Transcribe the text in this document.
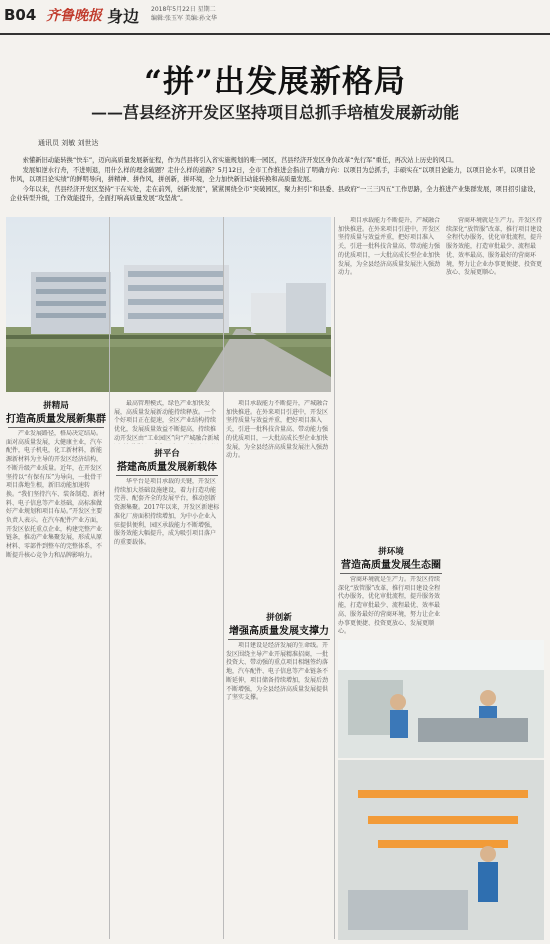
B04 齐鲁晚报 身边 2018年5月22日 星期二
编辑:张玉军 美编:孙文华
“拼”出发展新格局
——莒县经济开发区坚持项目总抓手培植发展新动能
通讯员 刘敏 刘世达

索懂新旧动能转换“快车”，迈向高质量发展新征程，作为莒县将引入省实施规划的唯一园区，莒县经济开发区身负改革“先行军”重任，再次站上历史的风口。

发展如逆水行舟，不进则退，用什么样的理念破题？走什么样的道路？5月12日，全市工作推进会指出了明确方向：以项目为总抓手，丰硕实在“以项目论能力，以项目论水平，以项目论作风，以项目论实绩”的鲜明导向，拼精神、拼作风，拼创新，拼环境，全力加快新旧动能转换和高质量发展。

今年以来，莒县经济开发区坚持“干在实处，走在前列，创新发展”，紧紧围绕全市“突破园区，聚力担引”和县委、县政府“一三三四五”工作思路，全力推进产业集群发展，项目招引建设，企业转型升级，工作效能提升，全面打响高质量发展“攻坚战”。

拼精局
打造高质量发展新集群
拼平台
搭建高质量发展新载体
拼创新
增强高质量发展支撑力
拼环境
营造高质量发展生态圈

产业发展路径，格局决定结局。面对高质量发展，大健康主业，汽车配件，电子机电，化工新材料，新能源新材料为主导的开发区经济结构，不断升级产业质量。近年，在开发区坚持以“有保有压”为导向，一批骨干项目落地生根，新旧动能加速转换。“我们坚持汽车、装备制造、新材料、电子信息等产业基础，高标准做好产业规划和项目布局。”开发区主要负责人表示。在汽车配件产业方面，开发区依托重点企业，构建完整产业链条，推动产业集聚发展，形成从原材料、零部件到整车的完整体系，不断提升核心竞争力和品牌影响力。

最高管理模式，绿色产业加快发展，高质量发展新动能持续释放。一个个好项目正在提速，全区产业结构持续优化，发展质量效益不断提高，持续推动开发区由“工业园区”向“产城融合新城

华平台是项目承载的关键，开发区持续加大基础设施建设，着力打造功能完善、配套齐全的发展平台，推动创新资源集聚。2017年以来，开发区新建标准化厂房面积持续增加，为中小企业入驻提供便利，园区承载能力不断增强，服务效能大幅提升，成为吸引项目落户的重要载体。

项目承载能力不断提升，产城融合加快推进。在外来项目引进中，开发区坚持质量与效益并重，把好项目准入关，引进一批科技含量高、带动能力强的优质项目，一大批高成长型企业加快发展，为全县经济高质量发展注入强劲动力。

项目建设是经济发展的生命线。开发区围绕主导产业开展精准招商，一批投资大、带动强的重点项目相继签约落地，汽车配件、电子信息等产业链条不断延伸，项目储备持续增加，发展后劲不断增强，为全县经济高质量发展提供了坚实支撑。

项目承载能力不断提升，产城融合加快推进。在外来项目引进中，开发区坚持质量与效益并重，把好项目准入关，引进一批科技含量高、带动能力强的优质项目，一大批高成长型企业加快发展，为全县经济高质量发展注入强劲动力。

营商环境就是生产力。开发区持续深化“放管服”改革，推行项目建设全程代办服务，优化审批流程，提升服务效能，打造审批最少、流程最优、效率最高、服务最好的营商环境，努力让企业办事更便捷、投资更放心、发展更顺心。

营商环境就是生产力。开发区持续深化“放管服”改革，推行项目建设全程代办服务，优化审批流程，提升服务效能，打造审批最少、流程最优、效率最高、服务最好的营商环境，努力让企业办事更便捷、投资更放心、发展更顺心。
